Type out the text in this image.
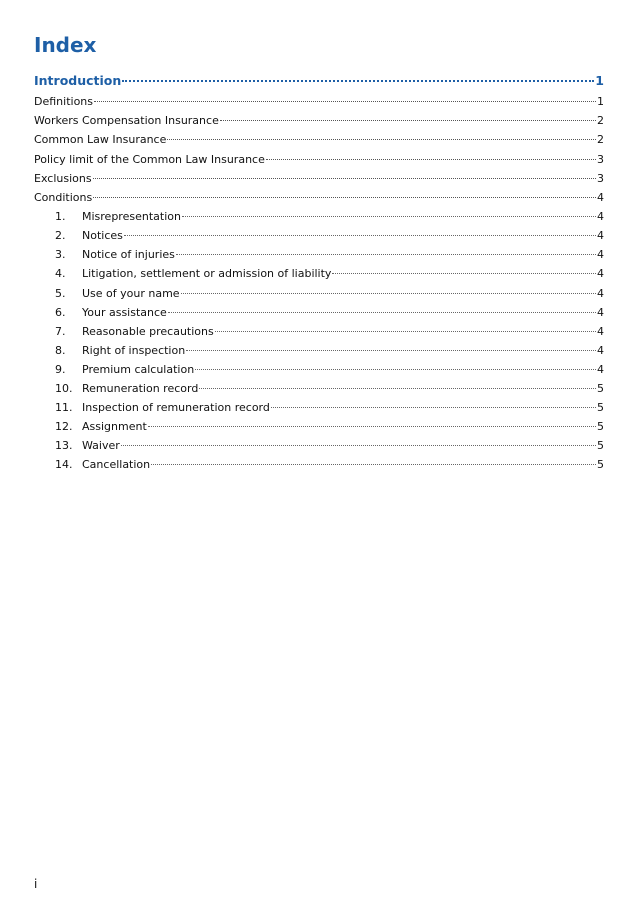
Index
Introduction	1
Definitions	1
Workers Compensation Insurance	2
Common Law Insurance	2
Policy limit of the Common Law Insurance	3
Exclusions	3
Conditions	4
1.	Misrepresentation	4
2.	Notices	4
3.	Notice of injuries	4
4.	Litigation, settlement or admission of liability	4
5.	Use of your name	4
6.	Your assistance	4
7.	Reasonable precautions	4
8.	Right of inspection	4
9.	Premium calculation	4
10. Remuneration record	5
11. Inspection of remuneration record	5
12. Assignment	5
13. Waiver	5
14. Cancellation	5
i
